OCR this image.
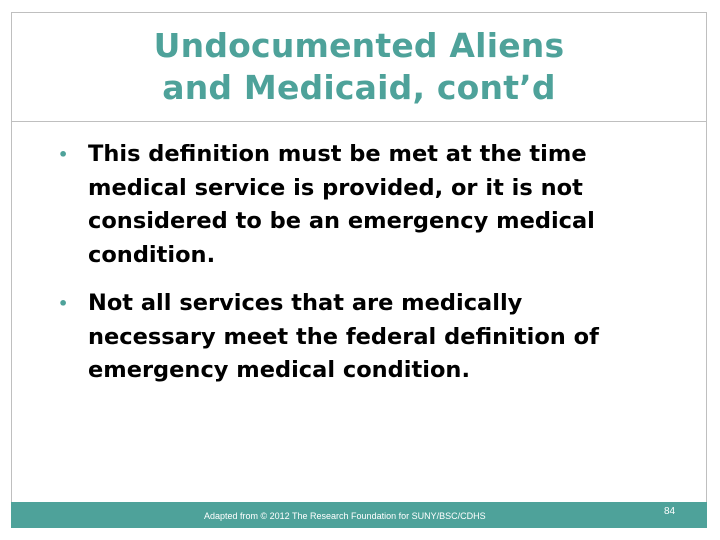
Undocumented Aliens
and Medicaid, cont’d

• This definition must be met at the time medical service is provided, or it is not considered to be an emergency medical condition.

• Not all services that are medically necessary meet the federal definition of emergency medical condition.

Adapted from © 2012 The Research Foundation for SUNY/BSC/CDHS	84
